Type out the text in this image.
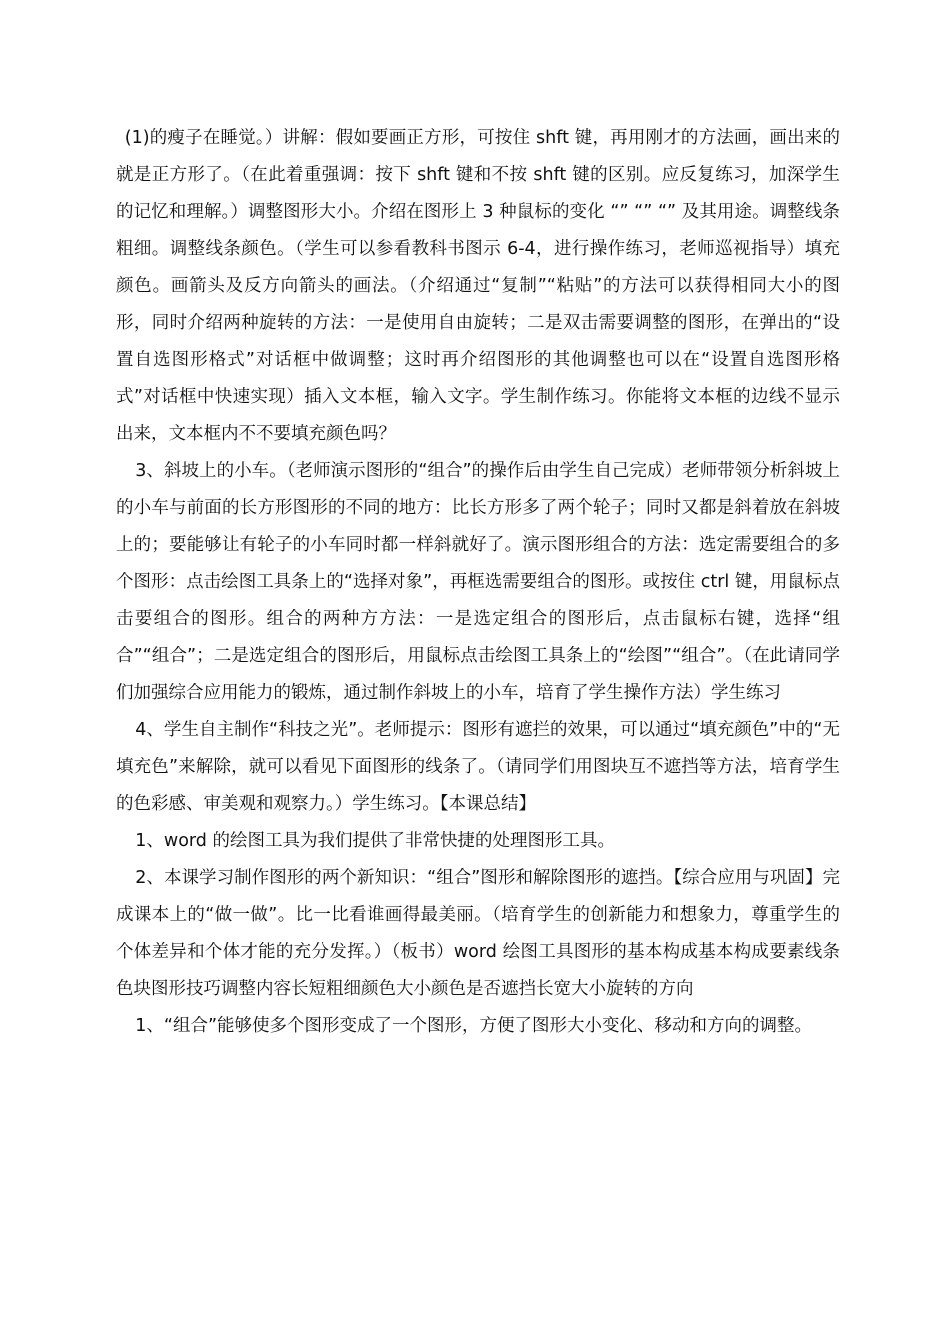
(1)的瘦子在睡觉。）讲解：假如要画正方形，可按住 shft 键，再用刚才的方法画，画出来的就是正方形了。（在此着重强调：按下 shft 键和不按 shft 键的区别。应反复练习，加深学生的记忆和理解。）调整图形大小。介绍在图形上 3 种鼠标的变化 “” “” “” 及其用途。调整线条粗细。调整线条颜色。（学生可以参看教科书图示 6-4，进行操作练习，老师巡视指导）填充颜色。画箭头及反方向箭头的画法。（介绍通过“复制”“粘贴”的方法可以获得相同大小的图形，同时介绍两种旋转的方法：一是使用自由旋转；二是双击需要调整的图形，在弹出的“设置自选图形格式”对话框中做调整；这时再介绍图形的其他调整也可以在“设置自选图形格式”对话框中快速实现）插入文本框，输入文字。学生制作练习。你能将文本框的边线不显示出来，文本框内不不要填充颜色吗？

3、斜坡上的小车。（老师演示图形的“组合”的操作后由学生自己完成）老师带领分析斜坡上的小车与前面的长方形图形的不同的地方：比长方形多了两个轮子；同时又都是斜着放在斜坡上的；要能够让有轮子的小车同时都一样斜就好了。演示图形组合的方法：选定需要组合的多个图形：点击绘图工具条上的“选择对象”，再框选需要组合的图形。或按住 ctrl 键，用鼠标点击要组合的图形。组合的两种方方法：一是选定组合的图形后，点击鼠标右键，选择“组合”“组合”；二是选定组合的图形后，用鼠标点击绘图工具条上的“绘图”“组合”。（在此请同学们加强综合应用能力的锻炼，通过制作斜坡上的小车，培育了学生操作方法）学生练习

4、学生自主制作“科技之光”。老师提示：图形有遮拦的效果，可以通过“填充颜色”中的“无填充色”来解除，就可以看见下面图形的线条了。（请同学们用图块互不遮挡等方法，培育学生的色彩感、审美观和观察力。）学生练习。【本课总结】

1、word 的绘图工具为我们提供了非常快捷的处理图形工具。

2、本课学习制作图形的两个新知识：“组合”图形和解除图形的遮挡。【综合应用与巩固】完成课本上的“做一做”。比一比看谁画得最美丽。（培育学生的创新能力和想象力，尊重学生的个体差异和个体才能的充分发挥。）（板书）word 绘图工具图形的基本构成基本构成要素线条色块图形技巧调整内容长短粗细颜色大小颜色是否遮挡长宽大小旋转的方向

1、“组合”能够使多个图形变成了一个图形，方便了图形大小变化、移动和方向的调整。
